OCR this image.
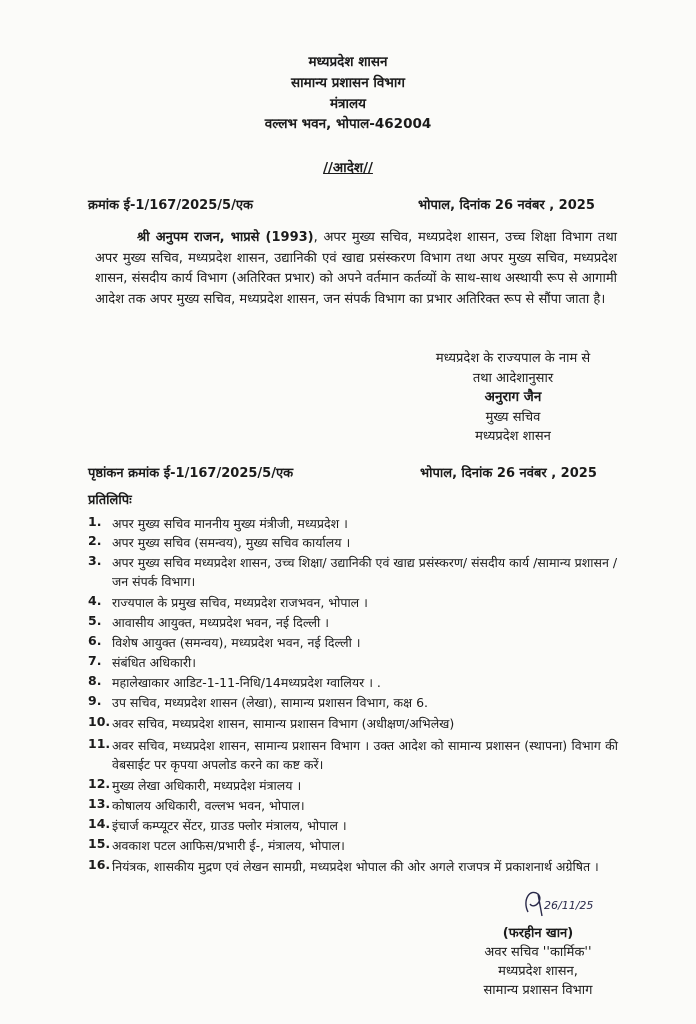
मध्यप्रदेश शासन
सामान्य प्रशासन विभाग
मंत्रालय
वल्लभ भवन, भोपाल-462004
//आदेश//
क्रमांक ई-1/167/2025/5/एक	भोपाल, दिनांक 26 नवंबर , 2025
श्री अनुपम राजन, भाप्रसे (1993), अपर मुख्य सचिव, मध्यप्रदेश शासन, उच्च शिक्षा विभाग तथा अपर मुख्य सचिव, मध्यप्रदेश शासन, उद्यानिकी एवं खाद्य प्रसंस्करण विभाग तथा अपर मुख्य सचिव, मध्यप्रदेश शासन, संसदीय कार्य विभाग (अतिरिक्त प्रभार) को अपने वर्तमान कर्तव्यों के साथ-साथ अस्थायी रूप से आगामी आदेश तक अपर मुख्य सचिव, मध्यप्रदेश शासन, जन संपर्क विभाग का प्रभार अतिरिक्त रूप से सौंपा जाता है।
मध्यप्रदेश के राज्यपाल के नाम से
तथा आदेशानुसार
अनुराग जैन
मुख्य सचिव
मध्यप्रदेश शासन
पृष्ठांकन क्रमांक ई-1/167/2025/5/एक	भोपाल, दिनांक 26 नवंबर , 2025
प्रतिलिपिः
1. अपर मुख्य सचिव माननीय मुख्य मंत्रीजी, मध्यप्रदेश ।
2. अपर मुख्य सचिव (समन्वय), मुख्य सचिव कार्यालय ।
3. अपर मुख्य सचिव मध्यप्रदेश शासन, उच्च शिक्षा/ उद्यानिकी एवं खाद्य प्रसंस्करण/ संसदीय कार्य /सामान्य प्रशासन / जन संपर्क विभाग।
4. राज्यपाल के प्रमुख सचिव, मध्यप्रदेश राजभवन, भोपाल ।
5. आवासीय आयुक्त, मध्यप्रदेश भवन, नई दिल्ली ।
6. विशेष आयुक्त (समन्वय), मध्यप्रदेश भवन, नई दिल्ली ।
7. संबंधित अधिकारी।
8. महालेखाकार आडिट-1-11-निधि/14मध्यप्रदेश ग्वालियर । .
9. उप सचिव, मध्यप्रदेश शासन (लेखा), सामान्य प्रशासन विभाग, कक्ष 6.
10. अवर सचिव, मध्यप्रदेश शासन, सामान्य प्रशासन विभाग (अधीक्षण/अभिलेख)
11. अवर सचिव, मध्यप्रदेश शासन, सामान्य प्रशासन विभाग । उक्त आदेश को सामान्य प्रशासन (स्थापना) विभाग की वेबसाईट पर कृपया अपलोड करने का कष्ट करें।
12. मुख्य लेखा अधिकारी, मध्यप्रदेश मंत्रालय ।
13. कोषालय अधिकारी, वल्लभ भवन, भोपाल।
14. इंचार्ज कम्प्यूटर सेंटर, ग्राउड फ्लोर मंत्रालय, भोपाल ।
15. अवकाश पटल आफिस/प्रभारी ई-, मंत्रालय, भोपाल।
16. नियंत्रक, शासकीय मुद्रण एवं लेखन सामग्री, मध्यप्रदेश भोपाल की ओर अगले राजपत्र में प्रकाशनार्थ अग्रेषित ।
26/11/25
(फरहीन खान)
अवर सचिव ''कार्मिक''
मध्यप्रदेश शासन,
सामान्य प्रशासन विभाग
